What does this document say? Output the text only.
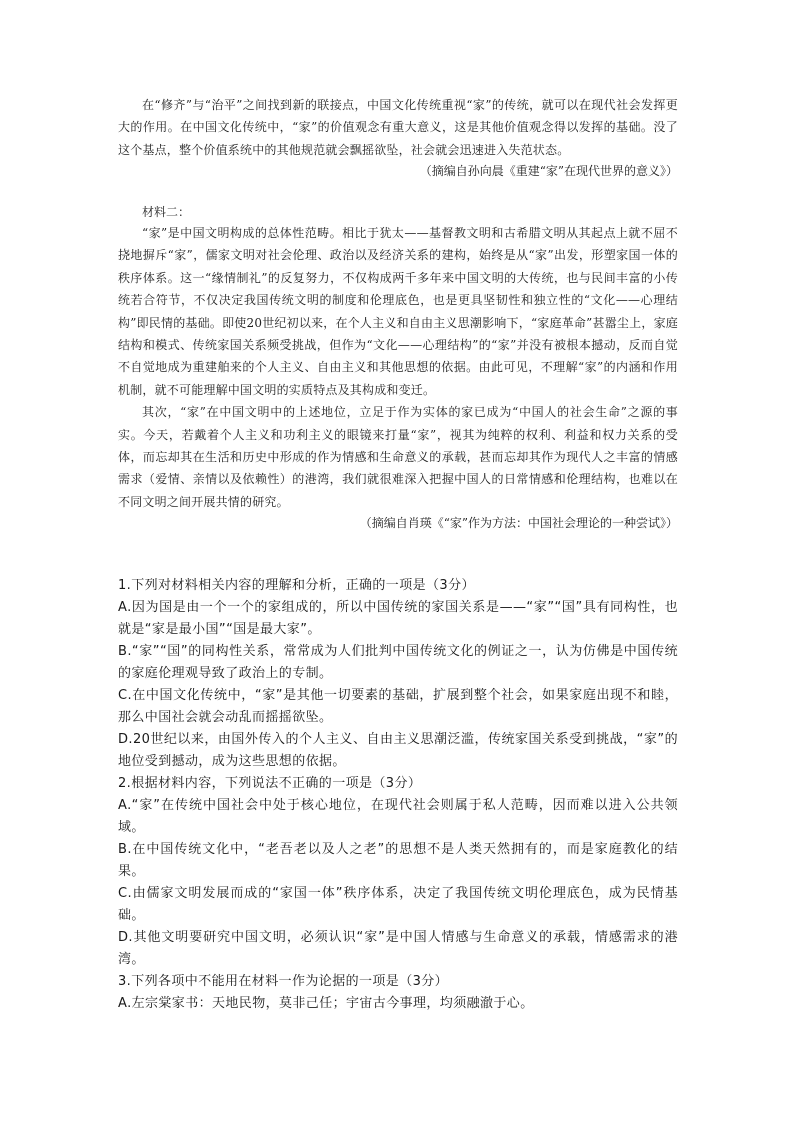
在“修齐”与“治平”之间找到新的联接点，中国文化传统重视“家”的传统，就可以在现代社会发挥更大的作用。在中国文化传统中，“家”的价值观念有重大意义，这是其他价值观念得以发挥的基础。没了这个基点，整个价值系统中的其他规范就会飘摇欲坠，社会就会迅速进入失范状态。

（摘编自孙向晨《重建“家”在现代世界的意义》）

材料二：

“家”是中国文明构成的总体性范畴。相比于犹太——基督教文明和古希腊文明从其起点上就不屈不挠地摒斥“家”，儒家文明对社会伦理、政治以及经济关系的建构，始终是从“家”出发，形塑家国一体的秩序体系。这一“缘情制礼”的反复努力，不仅构成两千多年来中国文明的大传统，也与民间丰富的小传统若合符节，不仅决定我国传统文明的制度和伦理底色，也是更具坚韧性和独立性的“文化——心理结构”即民情的基础。即使20世纪初以来，在个人主义和自由主义思潮影响下，“家庭革命”甚嚣尘上，家庭结构和模式、传统家国关系频受挑战，但作为“文化——心理结构”的“家”并没有被根本撼动，反而自觉不自觉地成为重建舶来的个人主义、自由主义和其他思想的依据。由此可见，不理解“家”的内涵和作用机制，就不可能理解中国文明的实质特点及其构成和变迁。

其次，“家”在中国文明中的上述地位，立足于作为实体的家已成为“中国人的社会生命”之源的事实。今天，若戴着个人主义和功利主义的眼镜来打量“家”，视其为纯粹的权利、利益和权力关系的受体，而忘却其在生活和历史中形成的作为情感和生命意义的承载，甚而忘却其作为现代人之丰富的情感需求（爱情、亲情以及依赖性）的港湾，我们就很难深入把握中国人的日常情感和伦理结构，也难以在不同文明之间开展共情的研究。

（摘编自肖瑛《“家”作为方法：中国社会理论的一种尝试》）

1.下列对材料相关内容的理解和分析，正确的一项是（3分）

A.因为国是由一个一个的家组成的，所以中国传统的家国关系是——“家”“国”具有同构性，也就是“家是最小国”“国是最大家”。

B.“家”“国”的同构性关系，常常成为人们批判中国传统文化的例证之一，认为仿佛是中国传统的家庭伦理观导致了政治上的专制。

C.在中国文化传统中，“家”是其他一切要素的基础，扩展到整个社会，如果家庭出现不和睦，那么中国社会就会动乱而摇摇欲坠。

D.20世纪以来，由国外传入的个人主义、自由主义思潮泛滥，传统家国关系受到挑战，“家”的地位受到撼动，成为这些思想的依据。

2.根据材料内容，下列说法不正确的一项是（3分）

A.“家”在传统中国社会中处于核心地位，在现代社会则属于私人范畴，因而难以进入公共领域。

B.在中国传统文化中，“老吾老以及人之老”的思想不是人类天然拥有的，而是家庭教化的结果。

C.由儒家文明发展而成的“家国一体”秩序体系，决定了我国传统文明伦理底色，成为民情基础。

D.其他文明要研究中国文明，必须认识“家”是中国人情感与生命意义的承载，情感需求的港湾。

3.下列各项中不能用在材料一作为论据的一项是（3分）

A.左宗棠家书：天地民物，莫非己任；宇宙古今事理，均须融澈于心。
